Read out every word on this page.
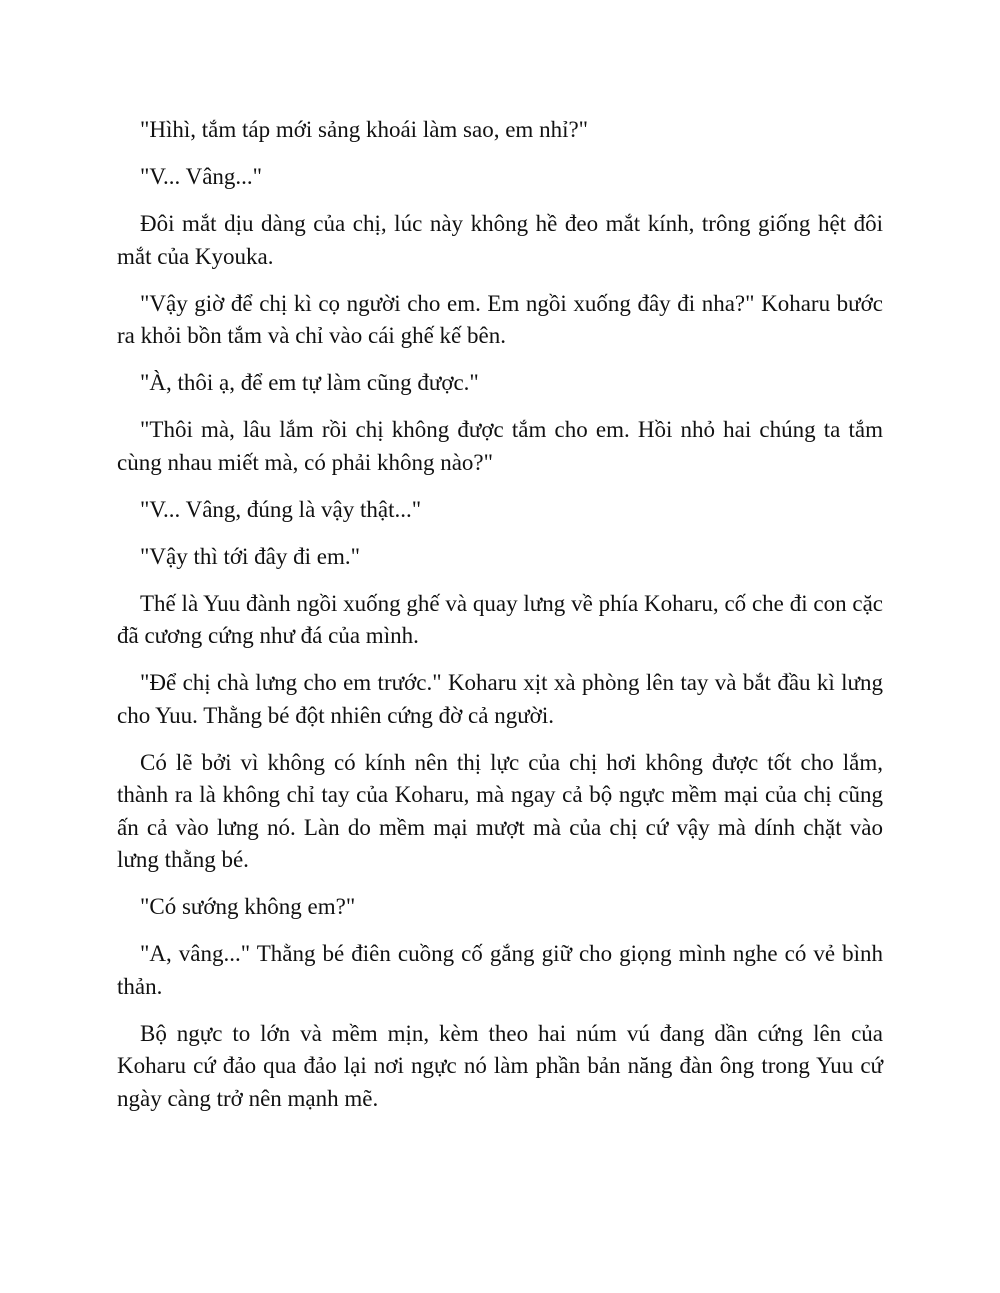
"Hìhì, tắm táp mới sảng khoái làm sao, em nhỉ?"

"V... Vâng..."

Đôi mắt dịu dàng của chị, lúc này không hề đeo mắt kính, trông giống hệt đôi mắt của Kyouka.

"Vậy giờ để chị kì cọ người cho em. Em ngồi xuống đây đi nha?" Koharu bước ra khỏi bồn tắm và chỉ vào cái ghế kế bên.

"À, thôi ạ, để em tự làm cũng được."

"Thôi mà, lâu lắm rồi chị không được tắm cho em. Hồi nhỏ hai chúng ta tắm cùng nhau miết mà, có phải không nào?"

"V... Vâng, đúng là vậy thật..."

"Vậy thì tới đây đi em."

Thế là Yuu đành ngồi xuống ghế và quay lưng về phía Koharu, cố che đi con cặc đã cương cứng như đá của mình.

"Để chị chà lưng cho em trước." Koharu xịt xà phòng lên tay và bắt đầu kì lưng cho Yuu. Thằng bé đột nhiên cứng đờ cả người.

Có lẽ bởi vì không có kính nên thị lực của chị hơi không được tốt cho lắm, thành ra là không chỉ tay của Koharu, mà ngay cả bộ ngực mềm mại của chị cũng ấn cả vào lưng nó. Làn do mềm mại mượt mà của chị cứ vậy mà dính chặt vào lưng thằng bé.

"Có sướng không em?"

"A, vâng..." Thằng bé điên cuồng cố gắng giữ cho giọng mình nghe có vẻ bình thản.

Bộ ngực to lớn và mềm mịn, kèm theo hai núm vú đang dần cứng lên của Koharu cứ đảo qua đảo lại nơi ngực nó làm phần bản năng đàn ông trong Yuu cứ ngày càng trở nên mạnh mẽ.
